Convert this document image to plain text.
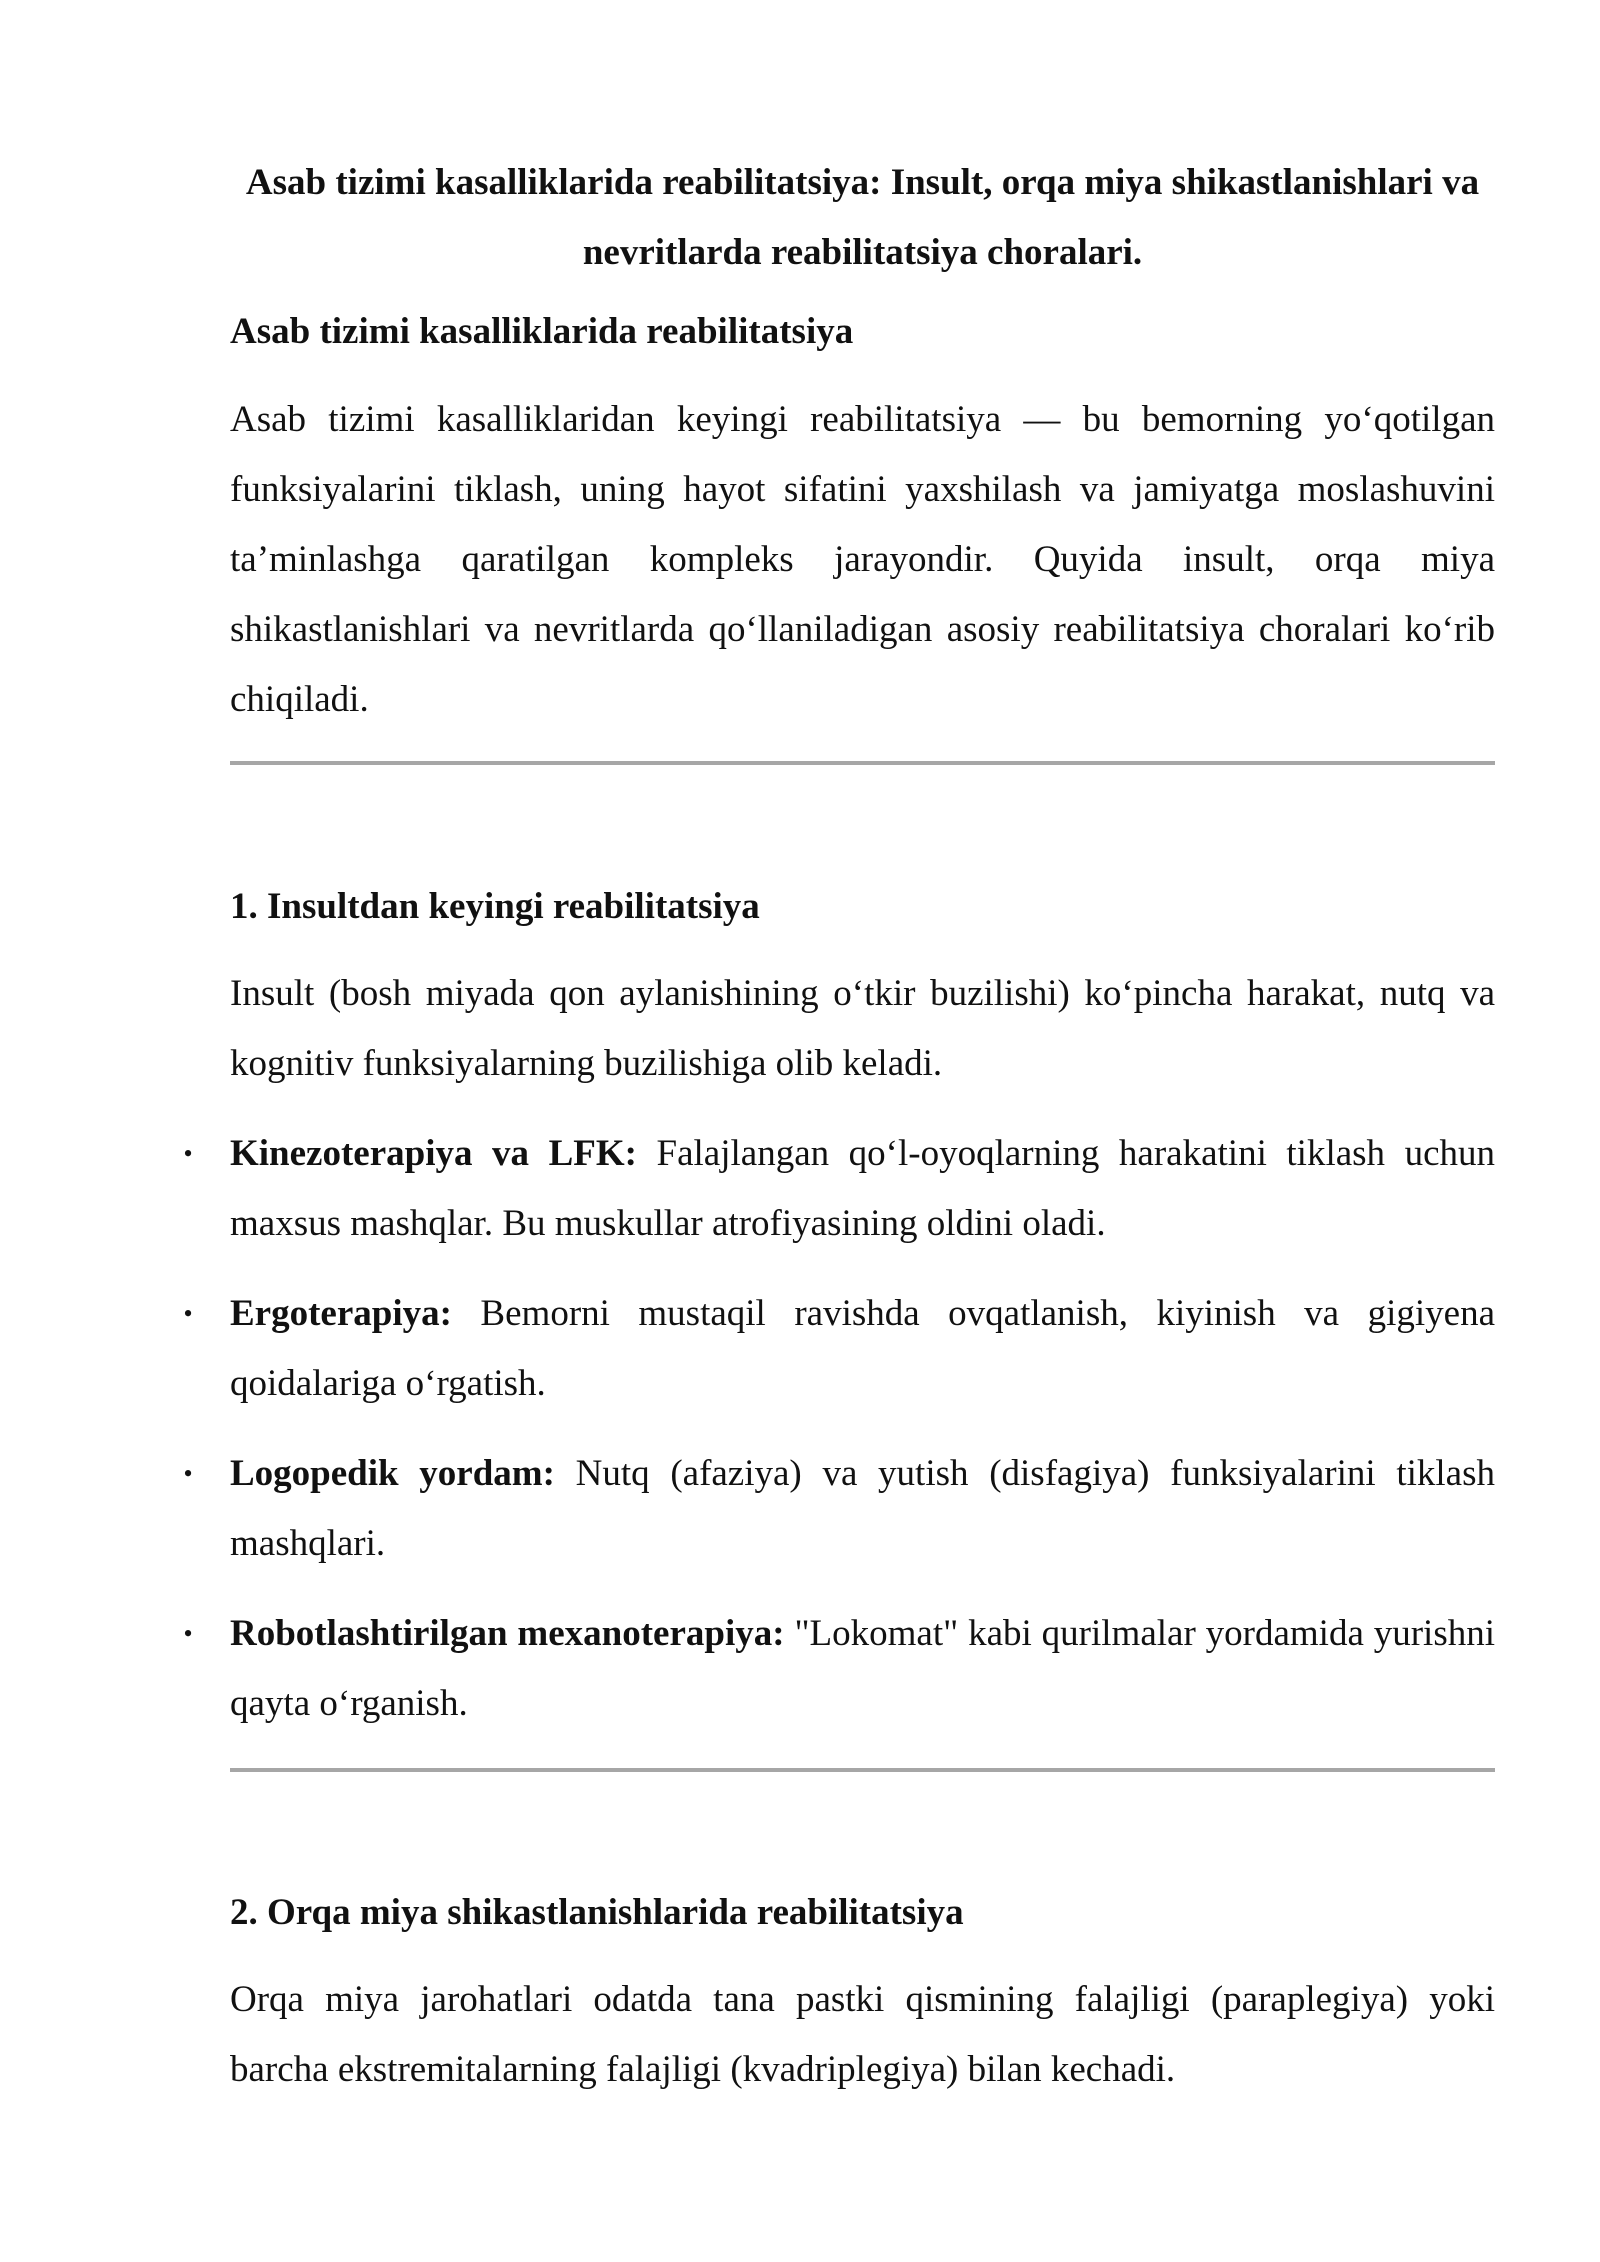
Asab tizimi kasalliklarida reabilitatsiya: Insult, orqa miya shikastlanishlari va nevritlarda reabilitatsiya choralari.
Asab tizimi kasalliklarida reabilitatsiya

Asab tizimi kasalliklaridan keyingi reabilitatsiya — bu bemorning yo‘qotilgan funksiyalarini tiklash, uning hayot sifatini yaxshilash va jamiyatga moslashuvini ta’minlashga qaratilgan kompleks jarayondir. Quyida insult, orqa miya shikastlanishlari va nevritlarda qo‘llaniladigan asosiy reabilitatsiya choralari ko‘rib chiqiladi.

1. Insultdan keyingi reabilitatsiya

Insult (bosh miyada qon aylanishining o‘tkir buzilishi) ko‘pincha harakat, nutq va kognitiv funksiyalarning buzilishiga olib keladi.

• Kinezoterapiya va LFK: Falajlangan qo‘l-oyoqlarning harakatini tiklash uchun maxsus mashqlar. Bu muskullar atrofiyasining oldini oladi.
• Ergoterapiya: Bemorni mustaqil ravishda ovqatlanish, kiyinish va gigiyena qoidalariga o‘rgatish.
• Logopedik yordam: Nutq (afaziya) va yutish (disfagiya) funksiyalarini tiklash mashqlari.
• Robotlashtirilgan mexanoterapiya: "Lokomat" kabi qurilmalar yordamida yurishni qayta o‘rganish.
2. Orqa miya shikastlanishlarida reabilitatsiya

Orqa miya jarohatlari odatda tana pastki qismining falajligi (paraplegiya) yoki barcha ekstremitalarning falajligi (kvadriplegiya) bilan kechadi.
